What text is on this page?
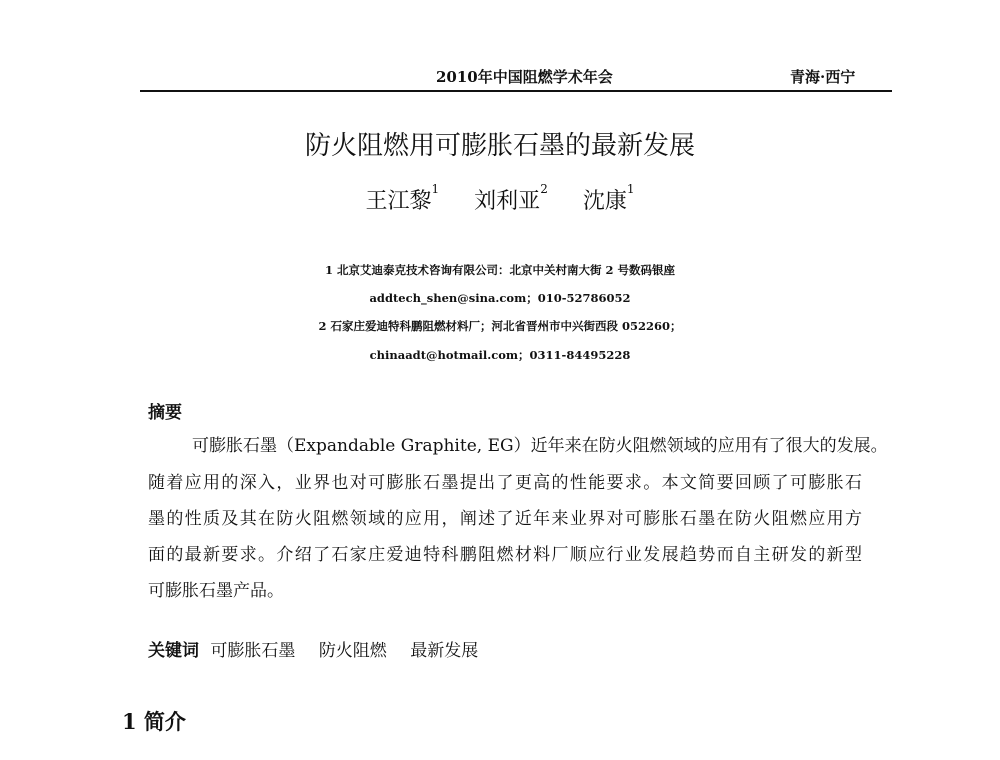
2010年中国阻燃学术年会	青海·西宁
防火阻燃用可膨胀石墨的最新发展
王江黎$^1$ 刘利亚$^2$ 沈康$^1$
1 北京艾迪泰克技术咨询有限公司：北京中关村南大街 2 号数码银座
addtech_shen@sina.com；010-52786052
2 石家庄爱迪特科鹏阻燃材料厂；河北省晋州市中兴街西段 052260；
chinaadt@hotmail.com；0311-84495228
摘要
可膨胀石墨（Expandable Graphite, EG）近年来在防火阻燃领域的应用有了很大的发展。
随着应用的深入，业界也对可膨胀石墨提出了更高的性能要求。本文简要回顾了可膨胀石
墨的性质及其在防火阻燃领域的应用，阐述了近年来业界对可膨胀石墨在防火阻燃应用方
面的最新要求。介绍了石家庄爱迪特科鹏阻燃材料厂顺应行业发展趋势而自主研发的新型
可膨胀石墨产品。
关键词 可膨胀石墨 防火阻燃 最新发展
1 简介
